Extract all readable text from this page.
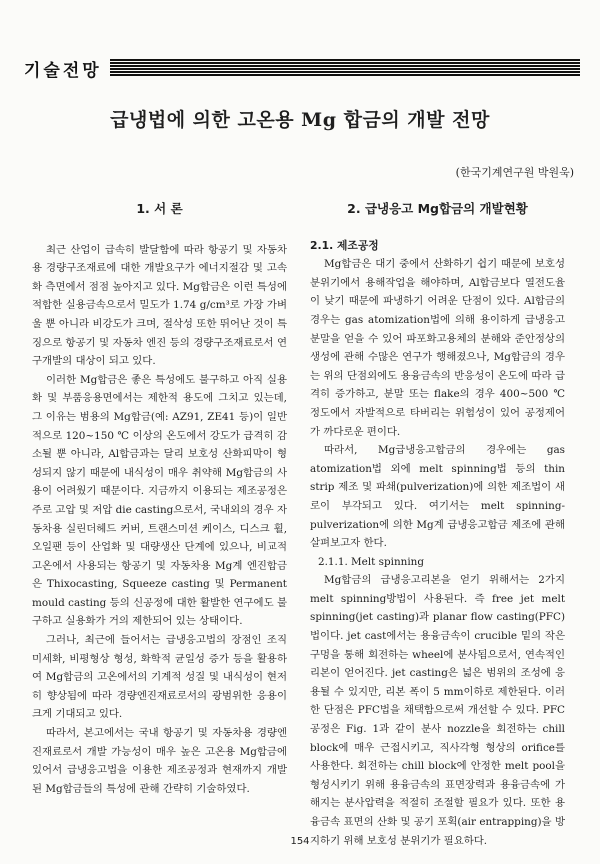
기술전망
급냉법에 의한 고온용 Mg 합금의 개발 전망
(한국기계연구원 박원욱)
1. 서 론

최근 산업이 급속히 발달함에 따라 항공기 및 자동차용 경량구조재료에 대한 개발요구가 에너지절감 및 고속화 측면에서 점점 높아지고 있다. Mg합금은 이런 특성에 적합한 실용금속으로서 밀도가 1.74 g/cm³로 가장 가벼울 뿐 아니라 비강도가 크며, 절삭성 또한 뛰어난 것이 특징으로 항공기 및 자동차 엔진 등의 경량구조재료로서 연구개발의 대상이 되고 있다.

이러한 Mg합금은 좋은 특성에도 불구하고 아직 실용화 및 부품응용면에서는 제한적 용도에 그치고 있는데, 그 이유는 범용의 Mg합금(예: AZ91, ZE41 등)이 일반적으로 120~150 ℃ 이상의 온도에서 강도가 급격히 감소될 뿐 아니라, Al합금과는 달리 보호성 산화피막이 형성되지 않기 때문에 내식성이 매우 취약해 Mg합금의 사용이 어려웠기 때문이다. 지금까지 이용되는 제조공정은 주로 고압 및 저압 die casting으로서, 국내외의 경우 자동차용 실린더헤드 커버, 트랜스미션 케이스, 디스크 휠, 오일팬 등이 산업화 및 대량생산 단계에 있으나, 비교적 고온에서 사용되는 항공기 및 자동차용 Mg계 엔진합금은 Thixocasting, Squeeze casting 및 Permanent mould casting 등의 신공정에 대한 활발한 연구에도 불구하고 실용화가 거의 제한되어 있는 상태이다.

그러나, 최근에 들어서는 급냉응고법의 장점인 조직 미세화, 비평형상 형성, 화학적 균일성 증가 등을 활용하여 Mg합금의 고온에서의 기계적 성질 및 내식성이 현저히 향상됨에 따라 경량엔진재료로서의 광범위한 응용이 크게 기대되고 있다.

따라서, 본고에서는 국내 항공기 및 자동차용 경량엔진재료로서 개발 가능성이 매우 높은 고온용 Mg합금에 있어서 급냉응고법을 이용한 제조공정과 현재까지 개발된 Mg합금들의 특성에 관해 간략히 기술하였다.

2. 급냉응고 Mg합금의 개발현황
2.1. 제조공정

Mg합금은 대기 중에서 산화하기 쉽기 때문에 보호성 분위기에서 용해작업을 해야하며, Al합금보다 열전도율이 낮기 때문에 파냉하기 어려운 단점이 있다. Al합금의 경우는 gas atomization법에 의해 용이하게 급냉응고분말을 얻을 수 있어 파포화고용체의 분해와 준안정상의 생성에 관해 수많은 연구가 행해졌으나, Mg합금의 경우는 위의 단점외에도 용융금속의 반응성이 온도에 따라 급격히 증가하고, 분말 또는 flake의 경우 400~500 ℃ 정도에서 자발적으로 타버리는 위험성이 있어 공정제어가 까다로운 편이다.

따라서, Mg급냉응고합금의 경우에는 gas atomization법 외에 melt spinning법 등의 thin strip 제조 및 파쇄(pulverization)에 의한 제조법이 새로이 부각되고 있다. 여기서는 melt spinning-pulverization에 의한 Mg계 급냉응고합금 제조에 관해 살펴보고자 한다.

2.1.1. Melt spinning

Mg합금의 급냉응고리본을 얻기 위해서는 2가지 melt spinning방법이 사용된다. 즉 free jet melt spinning(jet casting)과 planar flow casting(PFC)법이다. jet cast에서는 용융금속이 crucible 밑의 작은 구멍을 통해 회전하는 wheel에 분사됨으로서, 연속적인 리본이 얻어진다. jet casting은 넓은 범위의 조성에 응용될 수 있지만, 리본 폭이 5 mm이하로 제한된다. 이러한 단점은 PFC법을 채택함으로써 개선할 수 있다. PFC공정은 Fig. 1과 같이 분사 nozzle을 회전하는 chill block에 매우 근접시키고, 직사각형 형상의 orifice를 사용한다. 회전하는 chill block에 안정한 melt pool을 형성시키기 위해 용융금속의 표면장력과 용융금속에 가해지는 분사압력을 적절히 조절할 필요가 있다. 또한 용융금속 표면의 산화 및 공기 포획(air entrapping)을 방지하기 위해 보호성 분위기가 필요하다.

154
